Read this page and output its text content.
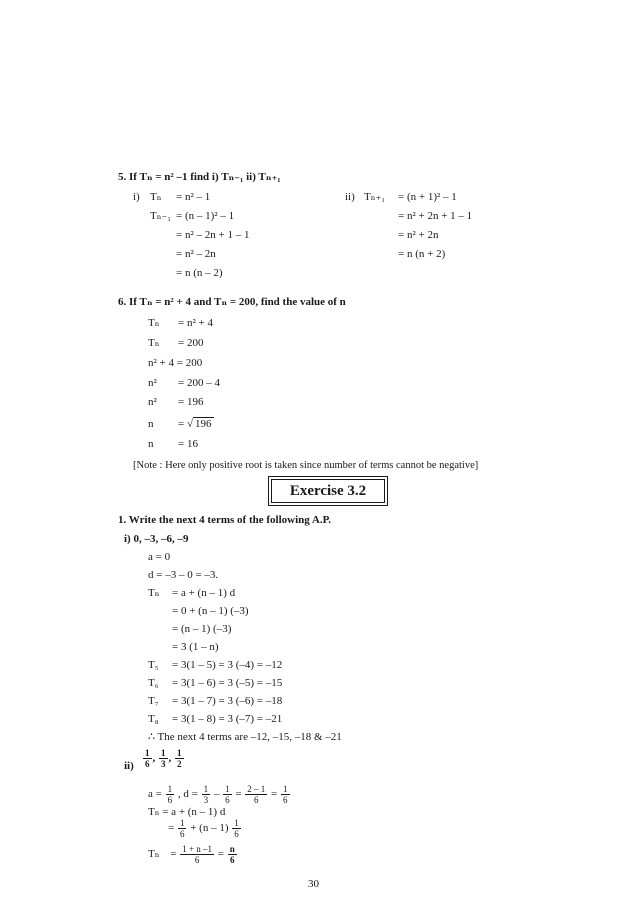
5. If Tₙ = n² –1 find i) Tₙ₋₁ ii) Tₙ₊₁
i) Tₙ
Tₙ₋₁
= n² – 1
= (n – 1)² – 1
= n² – 2n + 1 – 1
= n² – 2n
= n (n – 2)
ii) Tₙ₊₁ = (n + 1)² – 1
= n² + 2n + 1 – 1
= n² + 2n
= n (n + 2)
6. If Tₙ = n² + 4 and Tₙ = 200, find the value of n
Tₙ = n² + 4
Tₙ = 200
n² + 4 = 200
n² = 200 – 4
n² = 196
n = √ 196
n = 16
[Note : Here only positive root is taken since number of terms cannot be negative]
Exercise 3.2
1. Write the next 4 terms of the following A.P.
i) 0, –3, –6, –9
a = 0
d = –3 – 0 = –3.
Tₙ = a + (n – 1) d
= 0 + (n – 1) (–3)
= (n – 1) (–3)
= 3 (1 – n)
T₅ = 3(1 – 5) = 3 (–4) = –12
T₆ = 3(1 – 6) = 3 (–5) = –15
T₇ = 3(1 – 7) = 3 (–6) = –18
T₈ = 3(1 – 8) = 3 (–7) = –21
∴ The next 4 terms are –12, –15, –18 & –21
$ii) \frac{1}{6}$ , $\frac{1}{3}$ , $\frac{1}{2}$
$a = \frac{1}{6}$ , $d = \frac{1}{3} - \frac{1}{6} = \frac{2 - 1}{6} = \frac{1}{6}$
Tₙ = a + (n – 1) d
= $\frac{1}{6} + (n - 1) \frac{1}{6}$
$T_n = \frac{1 + n -1}{6} = \frac{n}{6}$
30
